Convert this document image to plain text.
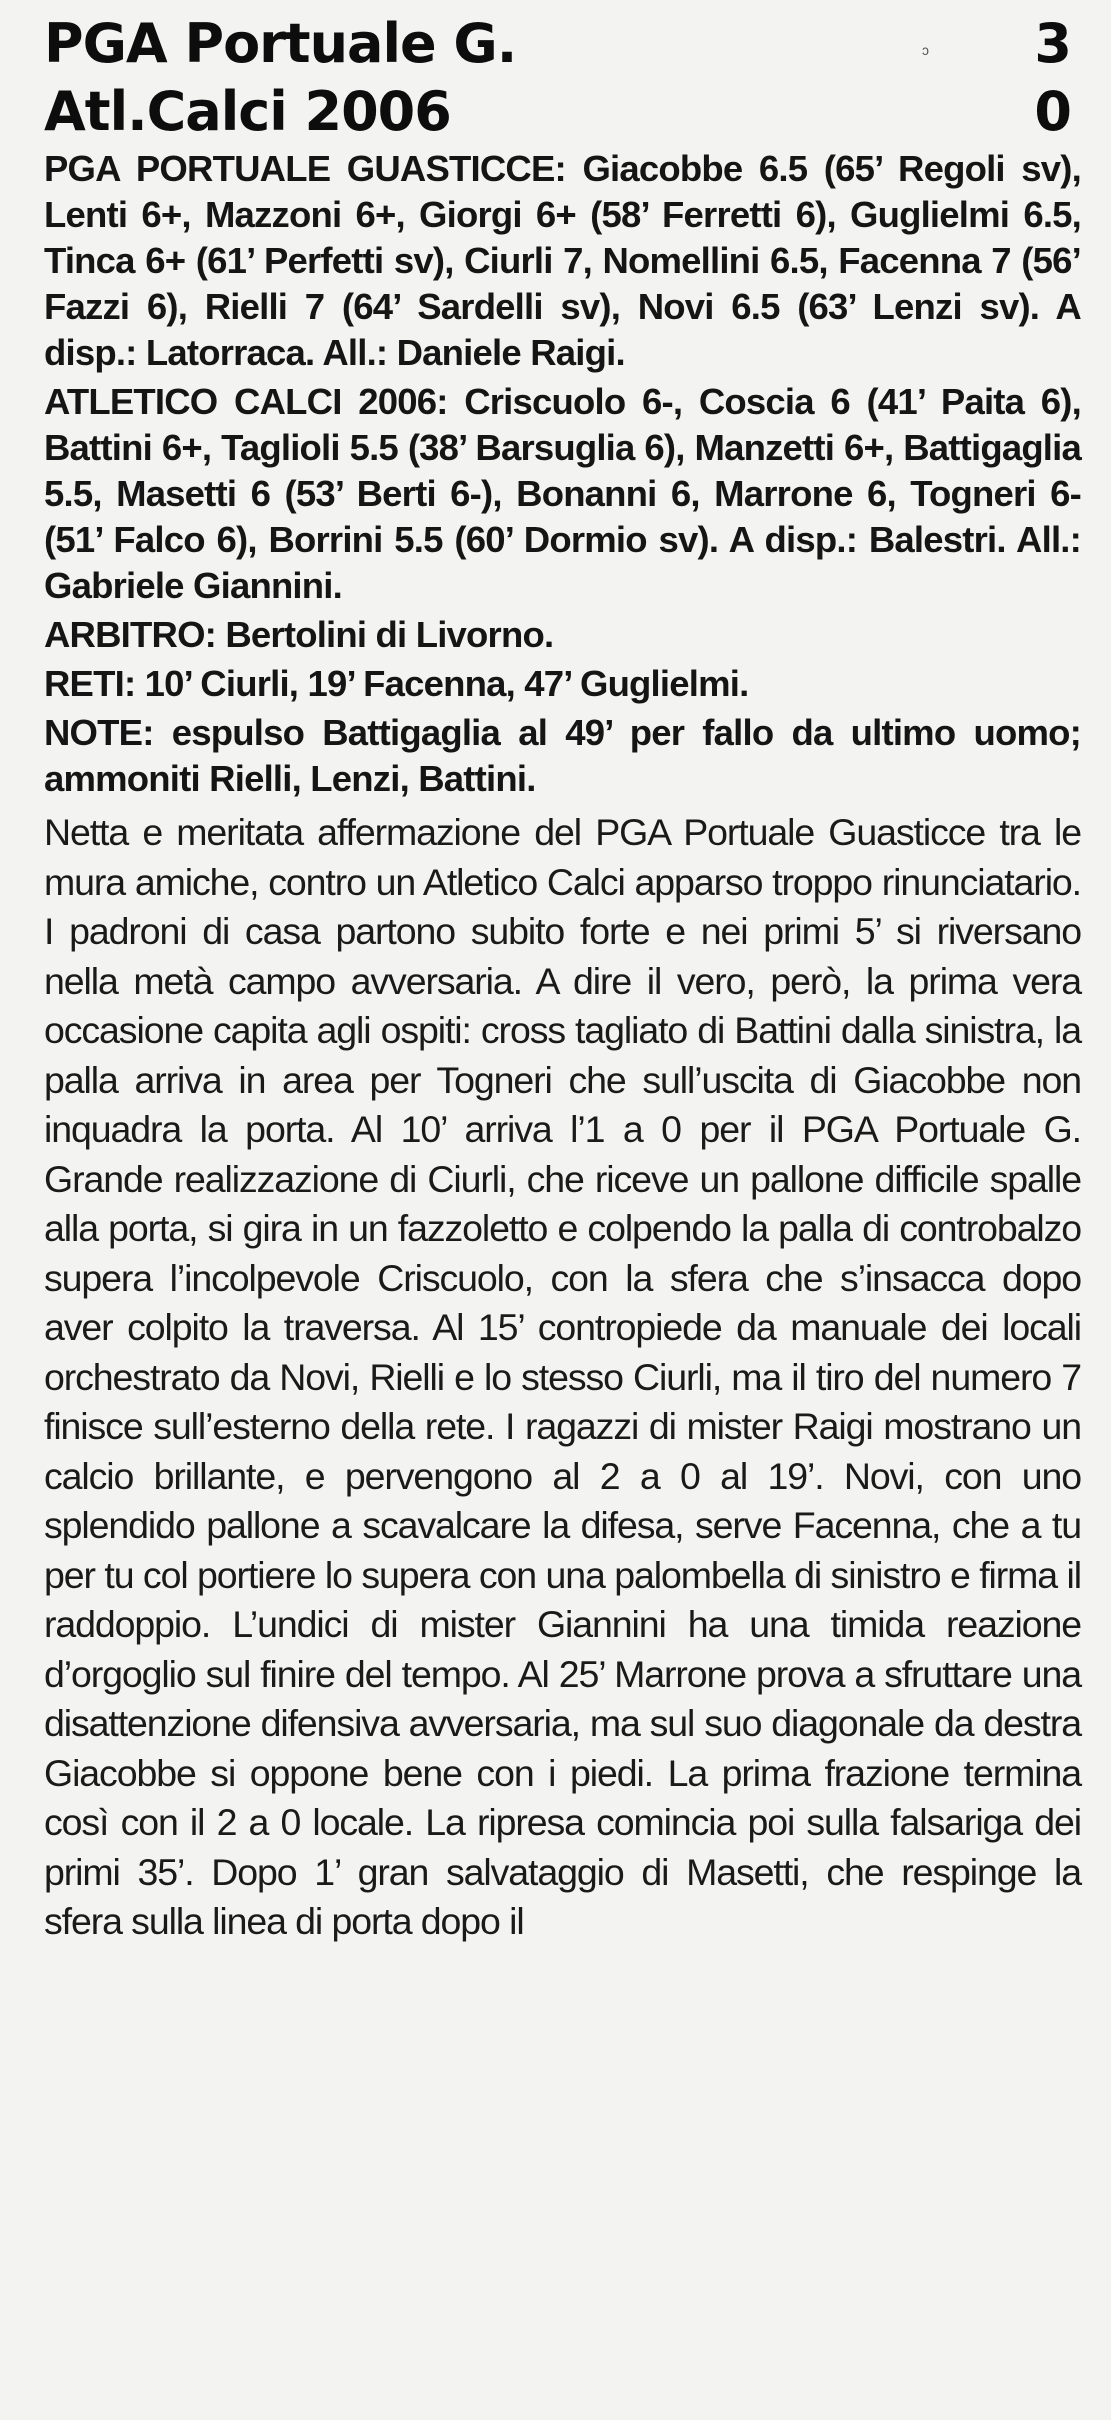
PGA Portuale G.	3
Atl.Calci 2006	0

PGA PORTUALE GUASTICCE: Giacobbe 6.5 (65’ Regoli sv), Lenti 6+, Mazzoni 6+, Giorgi 6+ (58’ Ferretti 6), Guglielmi 6.5, Tinca 6+ (61’ Perfetti sv), Ciurli 7, Nomellini 6.5, Facenna 7 (56’ Fazzi 6), Rielli 7 (64’ Sardelli sv), Novi 6.5 (63’ Lenzi sv). A disp.: Latorraca. All.: Daniele Raigi.

ATLETICO CALCI 2006: Criscuolo 6-, Coscia 6 (41’ Paita 6), Battini 6+, Taglioli 5.5 (38’ Barsuglia 6), Manzetti 6+, Battigaglia 5.5, Masetti 6 (53’ Berti 6-), Bonanni 6, Marrone 6, Togneri 6- (51’ Falco 6), Borrini 5.5 (60’ Dormio sv). A disp.: Balestri. All.: Gabriele Giannini.

ARBITRO: Bertolini di Livorno.

RETI: 10’ Ciurli, 19’ Facenna, 47’ Guglielmi.

NOTE: espulso Battigaglia al 49’ per fallo da ultimo uomo; ammoniti Rielli, Lenzi, Battini.

Netta e meritata affermazione del PGA Portuale Guasticce tra le mura amiche, contro un Atletico Calci apparso troppo rinunciatario. I padroni di casa partono subito forte e nei primi 5’ si riversano nella metà campo avversaria. A dire il vero, però, la prima vera occasione capita agli ospiti: cross tagliato di Battini dalla sinistra, la palla arriva in area per Togneri che sull’uscita di Giacobbe non inquadra la porta. Al 10’ arriva l’1 a 0 per il PGA Portuale G. Grande realizzazione di Ciurli, che riceve un pallone difficile spalle alla porta, si gira in un fazzoletto e colpendo la palla di controbalzo supera l’incolpevole Criscuolo, con la sfera che s’insacca dopo aver colpito la traversa. Al 15’ contropiede da manuale dei locali orchestrato da Novi, Rielli e lo stesso Ciurli, ma il tiro del numero 7 finisce sull’esterno della rete. I ragazzi di mister Raigi mostrano un calcio brillante, e pervengono al 2 a 0 al 19’. Novi, con uno splendido pallone a scavalcare la difesa, serve Facenna, che a tu per tu col portiere lo supera con una palombella di sinistro e firma il raddoppio. L’undici di mister Giannini ha una timida reazione d’orgoglio sul finire del tempo. Al 25’ Marrone prova a sfruttare una disattenzione difensiva avversaria, ma sul suo diagonale da destra Giacobbe si oppone bene con i piedi. La prima frazione termina così con il 2 a 0 locale. La ripresa comincia poi sulla falsariga dei primi 35’. Dopo 1’ gran salvataggio di Masetti, che respinge la sfera sulla linea di porta dopo il

ↄ
